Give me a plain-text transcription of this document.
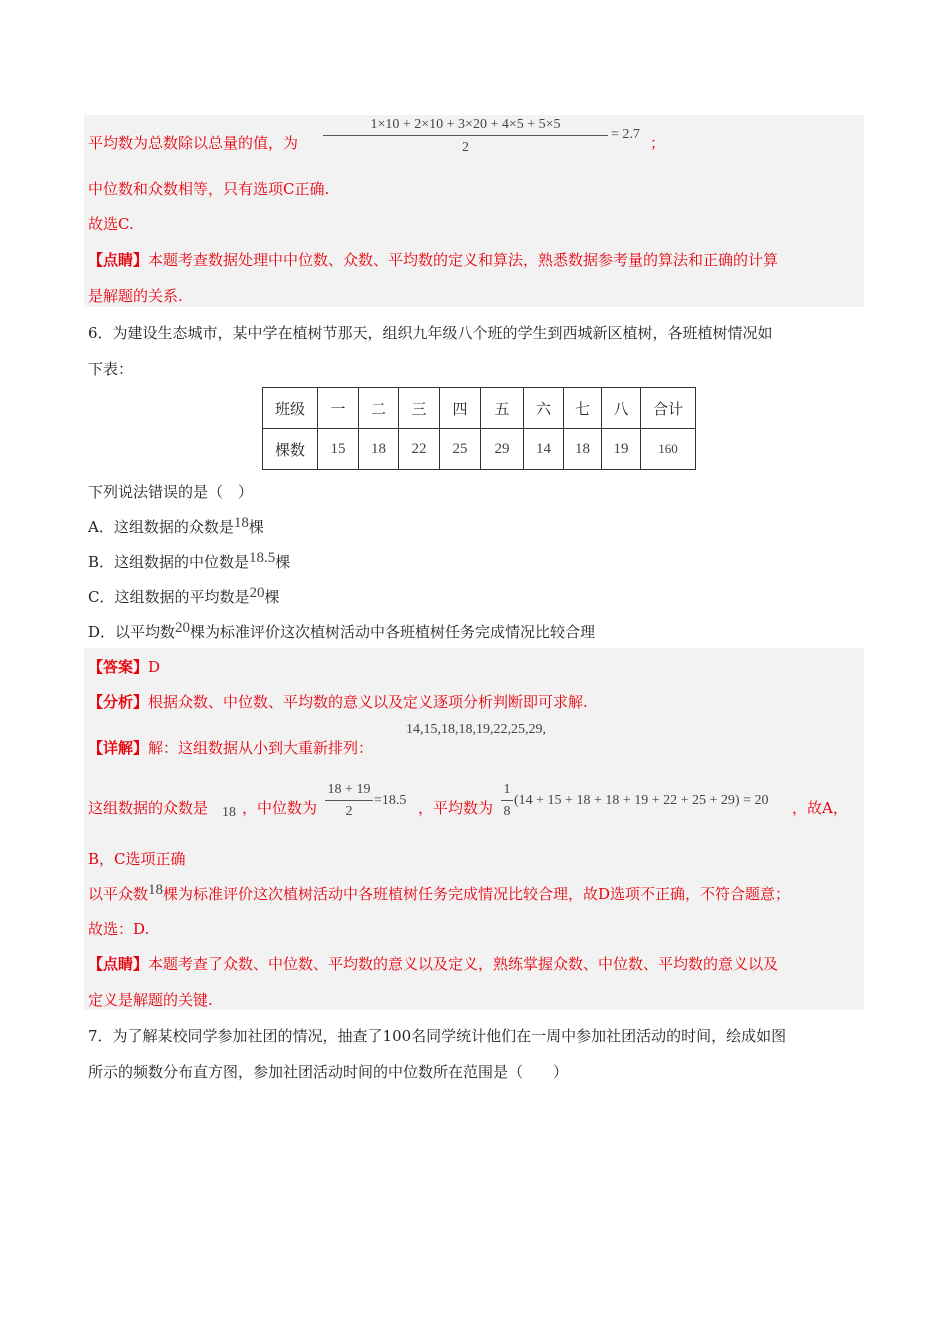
平均数为总数除以总量的值，为 $\frac{1\times 10 + 2\times 10 + 3\times 20 + 4\times 5 + 5\times 5}{2} = 2.7$ ；
中位数和众数相等，只有选项C正确.
故选C.
【点睛】本题考查数据处理中中位数、众数、平均数的定义和算法，熟悉数据参考量的算法和正确的计算
是解题的关系.
6．为建设生态城市，某中学在植树节那天，组织九年级八个班的学生到西城新区植树，各班植树情况如
下表：
班级	一	二	三	四	五	六	七	八	合计
棵数	15	18	22	25	29	14	18	19	160
下列说法错误的是（　）
A．这组数据的众数是18棵
B．这组数据的中位数是18.5棵
C．这组数据的平均数是20棵
D．以平均数20棵为标准评价这次植树活动中各班植树任务完成情况比较合理
【答案】D
【分析】根据众数、中位数、平均数的意义以及定义逐项分析判断即可求解.
【详解】解：这组数据从小到大重新排列：
14,15,18,18,19,22,25,29,
这组数据的众数是 18 ，中位数为 $\frac{18 + 19}{2} =18.5$ ，平均数为 $\frac{1}{8} (14 + 15 + 18 + 18 + 19 + 22 + 25 + 29) = 20$ ，故A，
B，C选项正确
以平众数18棵为标准评价这次植树活动中各班植树任务完成情况比较合理，故D选项不正确，不符合题意；
故选：D.
【点睛】本题考查了众数、中位数、平均数的意义以及定义，熟练掌握众数、中位数、平均数的意义以及
定义是解题的关键.
7．为了解某校同学参加社团的情况，抽查了100名同学统计他们在一周中参加社团活动的时间，绘成如图
所示的频数分布直方图，参加社团活动时间的中位数所在范围是（　　）
